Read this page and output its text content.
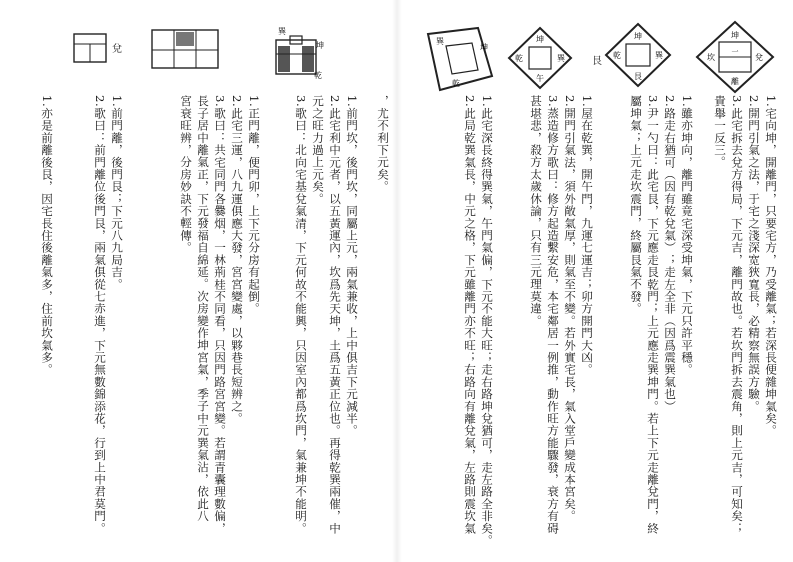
坤
一
兌
坎
離
坤
乾	巽
艮
艮
坤
乾	巽
午
巽
坤
乾
巽
坤
乾
兌
1.宅向坤，開離門，只要宅方，乃受離氣；若深長便雜坤氣矣。
2.開門引氣之法，于宅之淺深宽狹寬長，必精察無誤方驗。
3.此宅拆去兌方得局，下元吉，離門故也。若坎門拆去震角，則上元吉，可知矣；
貴舉一反三。
1.雖亦坤向，離門雖竟宅深受坤氣，下元只許平穩。
2.路走右猶可（因有乾兌氣）；走左全非（因爲震巽氣也）
3.尹一勺曰：此宅艮，下元應走艮乾門；上元應走巽坤門。若上下元走離兌門，終
屬坤氣；上元走坎震門，終屬艮氣不發。
1.屋在乾巽，開午門，九運七運吉；卯方開門大凶。
2.開門引氣法，須外敞氣厚，則氣至不變。若外實宅長，氣入堂戶變成本宮矣。
3.蒸造修方歌曰：修方起造繫安危，本宅鄰居一例推，動作旺方能驟發，衰方有碍
甚堪悲，殺方太歲休論，只有三元理莫違。
1.此宅深長終得巽氣，午門氣偏，下元不能大旺；走右路坤兌猶可，走左路全非矣。
2.此局乾巽氣長，中元之格，下元雖離門亦不旺；右路向有離兌氣，左路則震坎氣
，尤不利下元矣。
1.前門坎，後門坎，同屬上元，兩氣兼收，上中俱吉下元減半。
2.此宅利中元者，以五黃運內，坎爲先天坤，土爲五黃正位也。再得乾巽兩催，中
元之旺力過上元矣。
3.歌曰：北向宅基兌氣清，下元何故不能興，只因室內都爲坎門，氣兼坤不能明。
1.正門離，便門卯，上下元分房有起倒。
2.此宅三運，八九運俱應大發，宮宮變處，以夥巷長短辨之。
3.歌曰：共宅同門各爨烟，一林荊桂不同看，只因門路宮宮變。若謂青囊理數偏，
長子居中離氣正，下元發福自綿延。次房變作坤宮氣，季子中元巽氣沾，依此八
宮衰旺辨，分房妙訣不輕傳。
1.前門離，後門艮；下元八九局吉。
2.歌曰：前門離位後門艮，兩氣俱從七赤進，下元無數錦添花，行到上中君莫門。
1.亦是前離後艮，因宅長住後離氣多，住前坎氣多。
